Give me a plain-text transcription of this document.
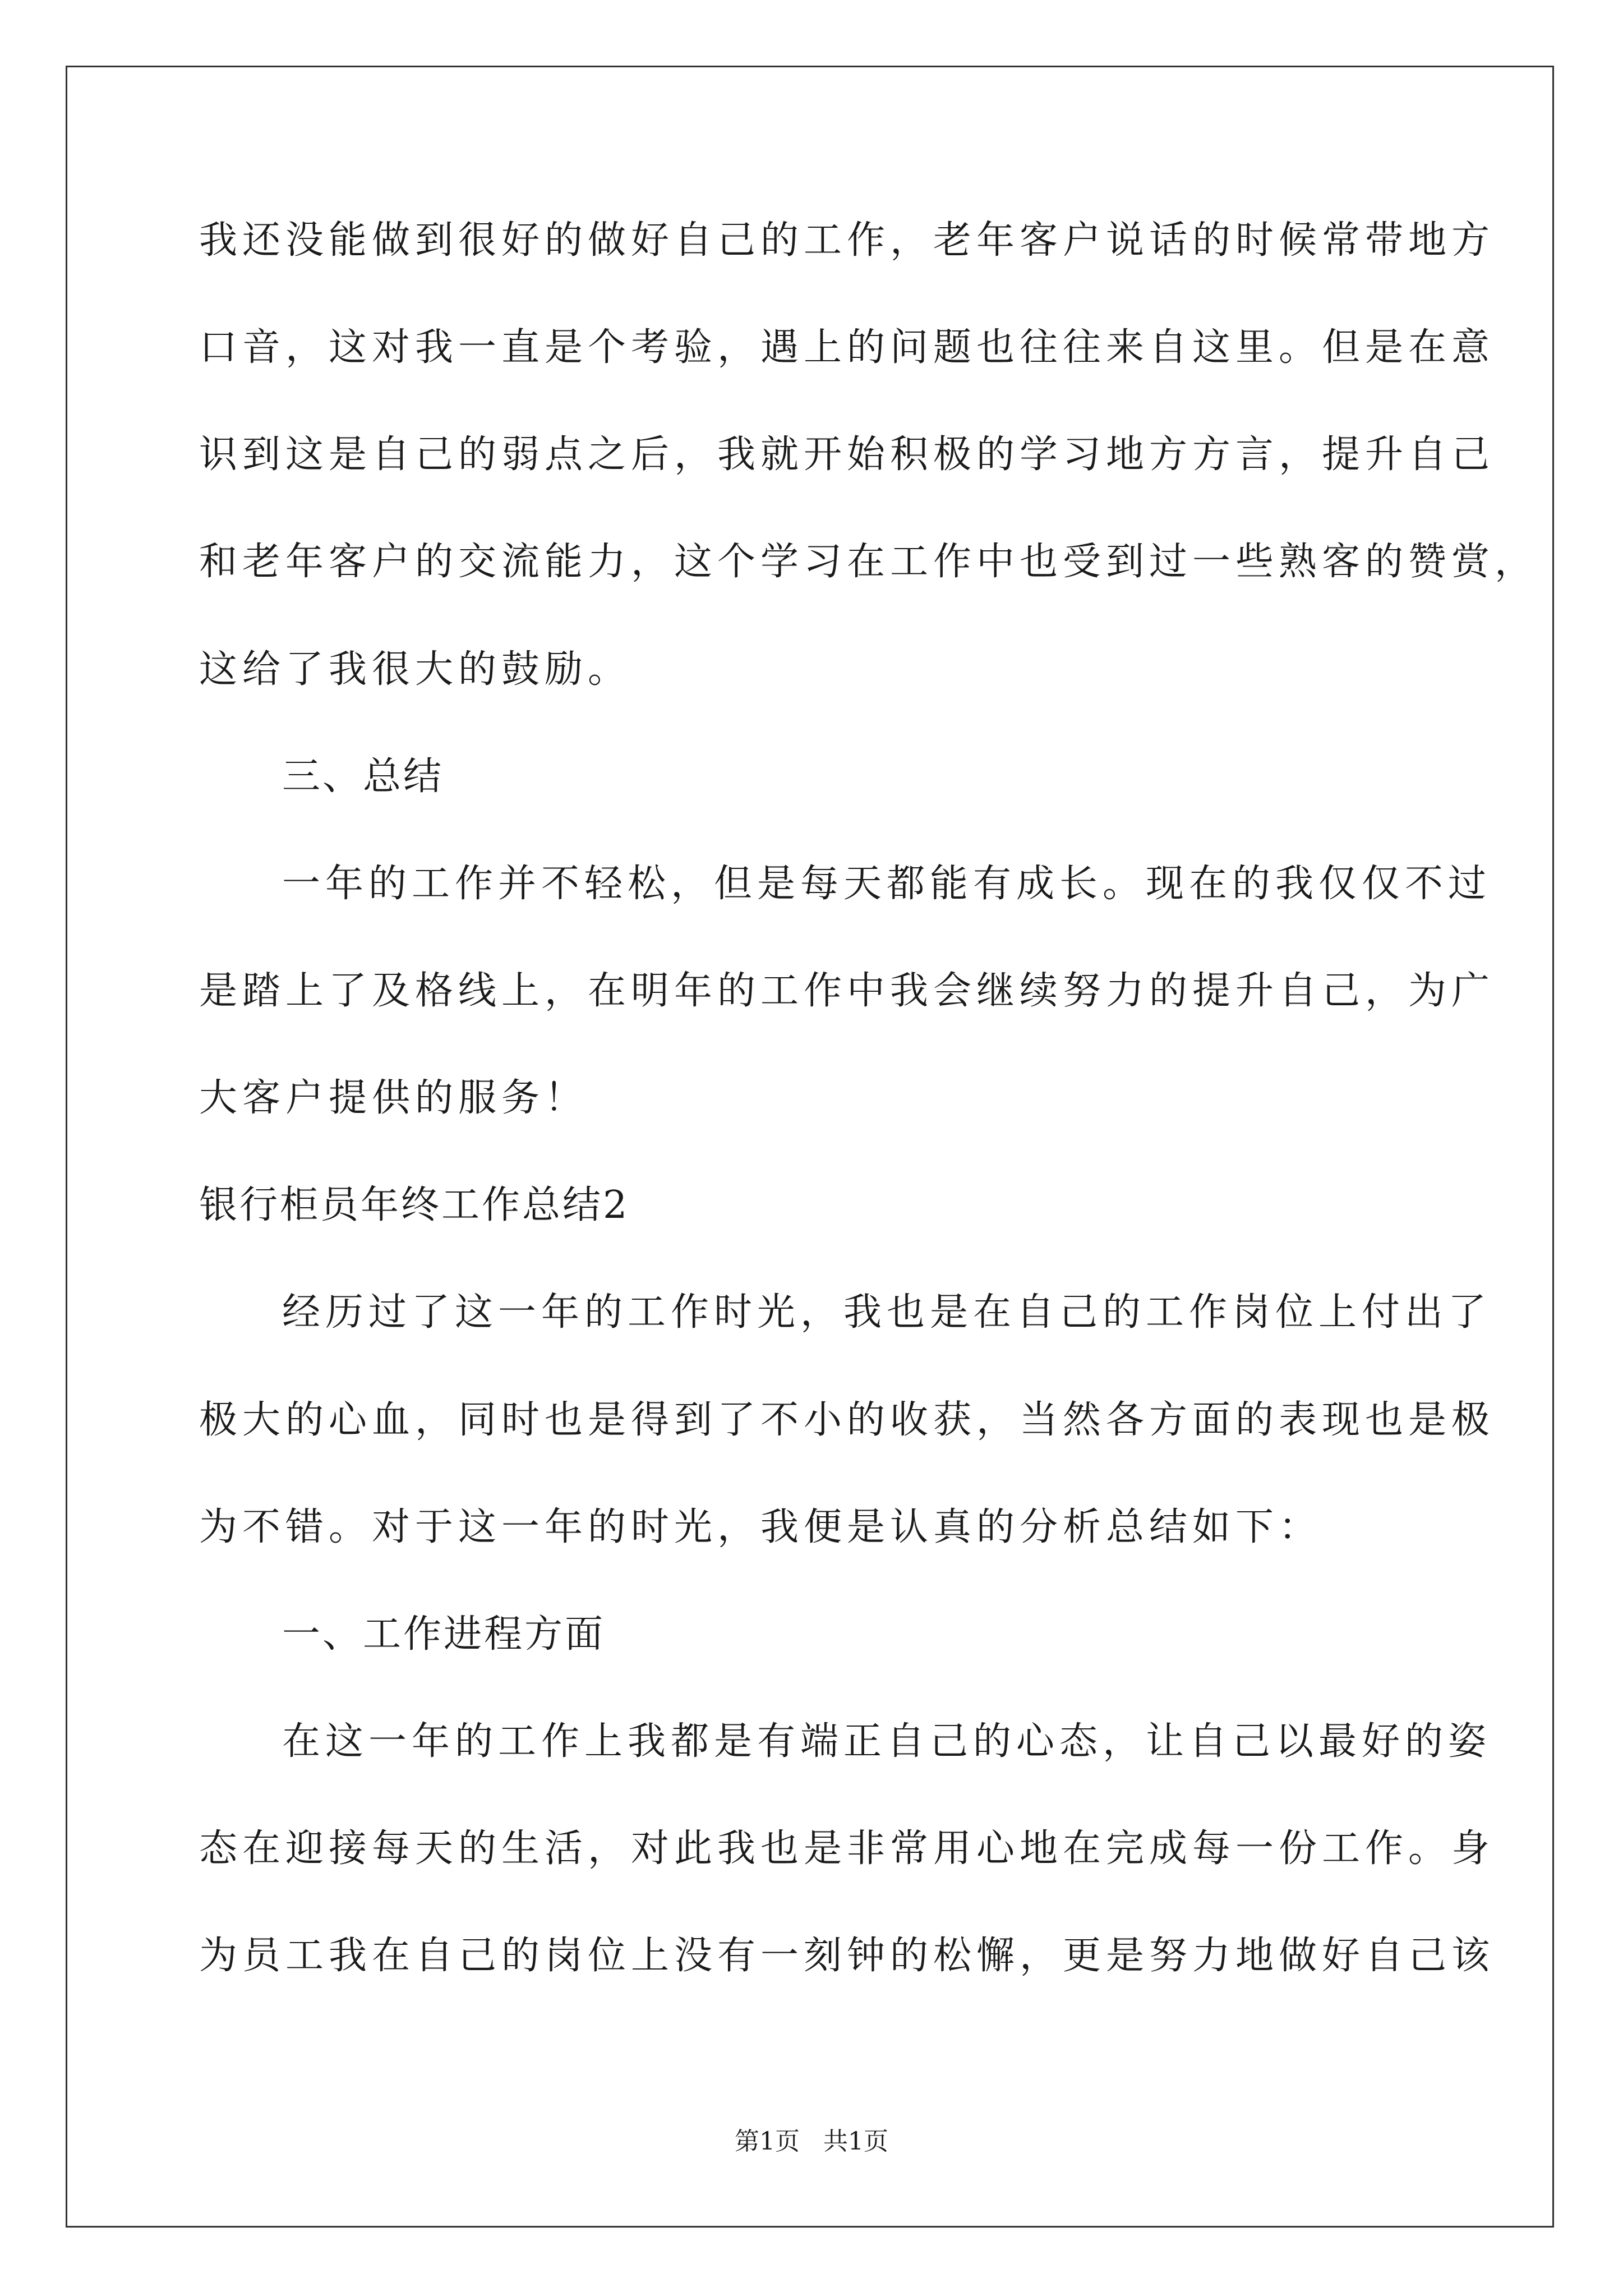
我还没能做到很好的做好自己的工作，老年客户说话的时候常带地方
口音，这对我一直是个考验，遇上的问题也往往来自这里。但是在意
识到这是自己的弱点之后，我就开始积极的学习地方方言，提升自己
和老年客户的交流能力，这个学习在工作中也受到过一些熟客的赞赏，
这给了我很大的鼓励。
三、总结
一年的工作并不轻松，但是每天都能有成长。现在的我仅仅不过
是踏上了及格线上，在明年的工作中我会继续努力的提升自己，为广
大客户提供的服务！
银行柜员年终工作总结2
经历过了这一年的工作时光，我也是在自己的工作岗位上付出了
极大的心血，同时也是得到了不小的收获，当然各方面的表现也是极
为不错。对于这一年的时光，我便是认真的分析总结如下：
一、工作进程方面
在这一年的工作上我都是有端正自己的心态，让自己以最好的姿
态在迎接每天的生活，对此我也是非常用心地在完成每一份工作。身
为员工我在自己的岗位上没有一刻钟的松懈，更是努力地做好自己该
第1页   共1页
